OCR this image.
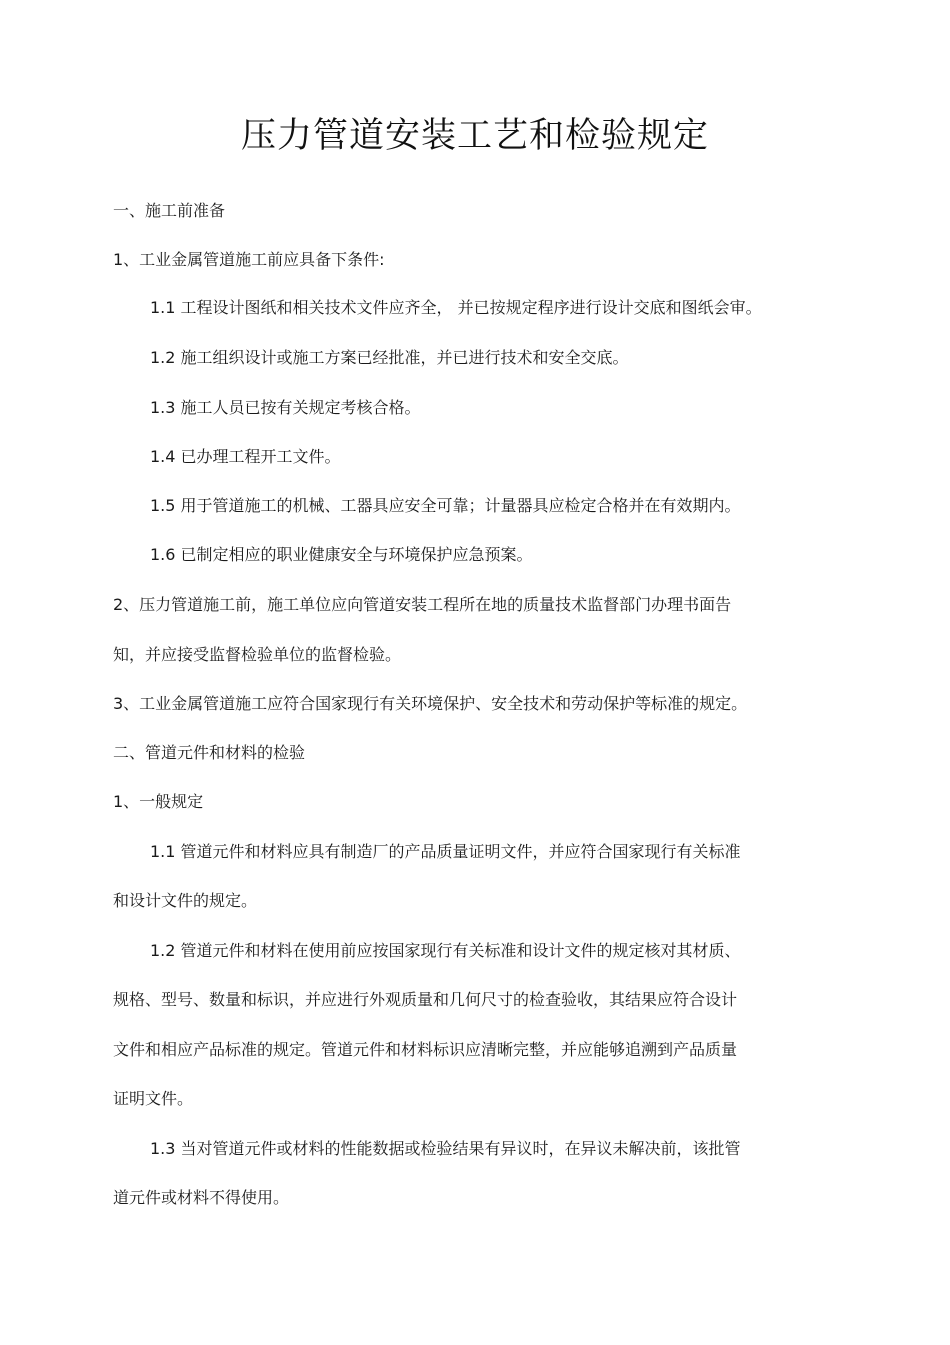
压力管道安装工艺和检验规定

一、施工前准备

1、工业金属管道施工前应具备下条件:

1.1 工程设计图纸和相关技术文件应齐全， 并已按规定程序进行设计交底和图纸会审。

1.2 施工组织设计或施工方案已经批准，并已进行技术和安全交底。

1.3 施工人员已按有关规定考核合格。

1.4 已办理工程开工文件。

1.5 用于管道施工的机械、工器具应安全可靠；计量器具应检定合格并在有效期内。

1.6 已制定相应的职业健康安全与环境保护应急预案。

2、压力管道施工前，施工单位应向管道安装工程所在地的质量技术监督部门办理书面告

知，并应接受监督检验单位的监督检验。

3、工业金属管道施工应符合国家现行有关环境保护、安全技术和劳动保护等标准的规定。

二、管道元件和材料的检验

1、一般规定

1.1 管道元件和材料应具有制造厂的产品质量证明文件，并应符合国家现行有关标准

和设计文件的规定。

1.2 管道元件和材料在使用前应按国家现行有关标准和设计文件的规定核对其材质、

规格、型号、数量和标识，并应进行外观质量和几何尺寸的检查验收，其结果应符合设计

文件和相应产品标准的规定。管道元件和材料标识应清晰完整，并应能够追溯到产品质量

证明文件。

1.3 当对管道元件或材料的性能数据或检验结果有异议时，在异议未解决前，该批管

道元件或材料不得使用。
